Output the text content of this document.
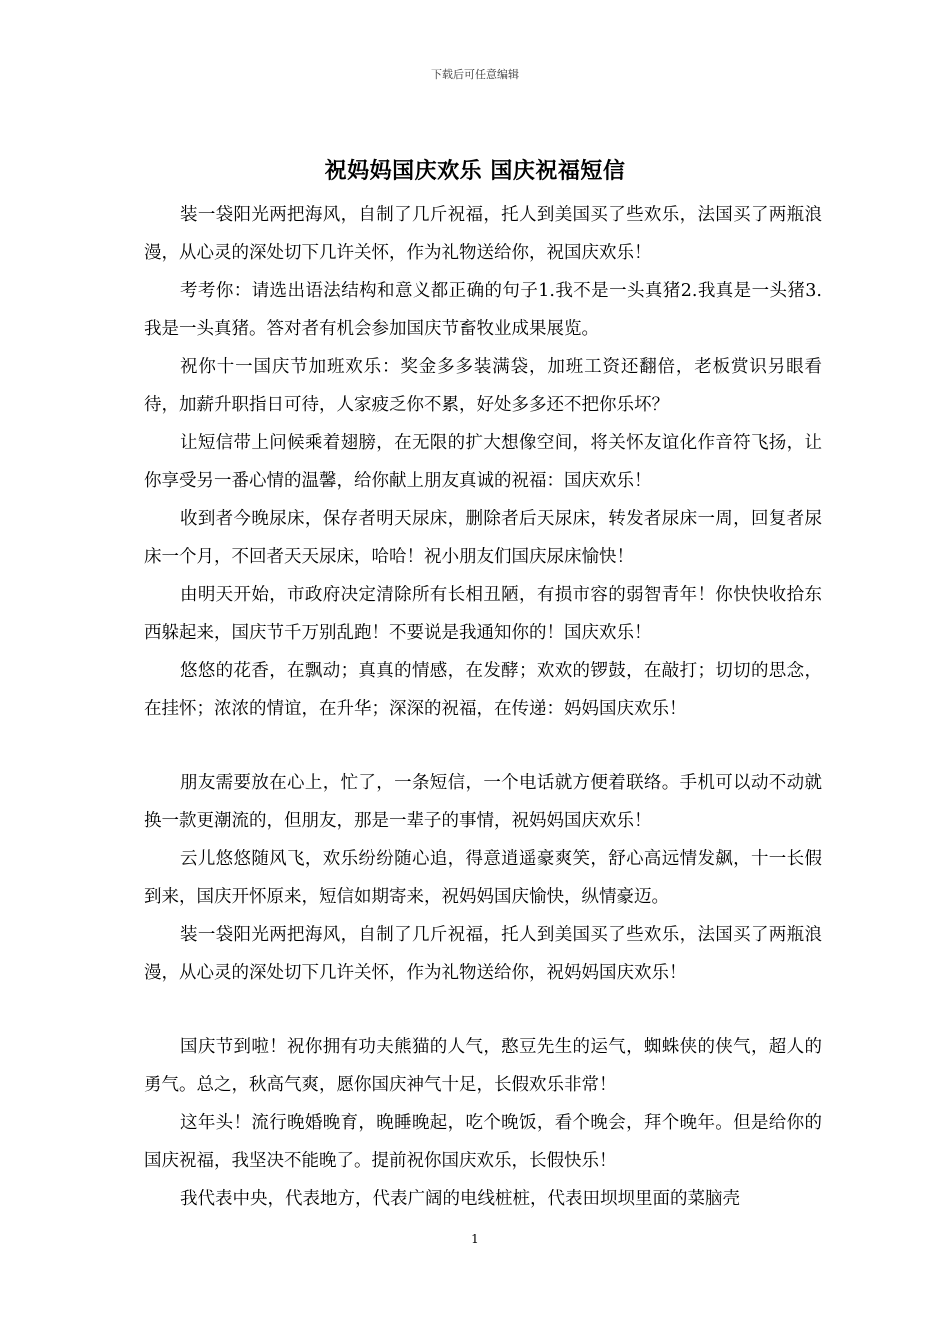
下载后可任意编辑
祝妈妈国庆欢乐 国庆祝福短信

装一袋阳光两把海风，自制了几斤祝福，托人到美国买了些欢乐，法国买了两瓶浪漫，从心灵的深处切下几许关怀，作为礼物送给你，祝国庆欢乐！

考考你：请选出语法结构和意义都正确的句子1.我不是一头真猪2.我真是一头猪3.我是一头真猪。答对者有机会参加国庆节畜牧业成果展览。

祝你十一国庆节加班欢乐：奖金多多装满袋，加班工资还翻倍，老板赏识另眼看待，加薪升职指日可待，人家疲乏你不累，好处多多还不把你乐坏？

让短信带上问候乘着翅膀，在无限的扩大想像空间，将关怀友谊化作音符飞扬，让你享受另一番心情的温馨，给你献上朋友真诚的祝福：国庆欢乐！

收到者今晚尿床，保存者明天尿床，删除者后天尿床，转发者尿床一周，回复者尿床一个月，不回者天天尿床，哈哈！祝小朋友们国庆尿床愉快！

由明天开始，市政府决定清除所有长相丑陋，有损市容的弱智青年！你快快收拾东西躲起来，国庆节千万别乱跑！不要说是我通知你的！国庆欢乐！

悠悠的花香，在飘动；真真的情感，在发酵；欢欢的锣鼓，在敲打；切切的思念，在挂怀；浓浓的情谊，在升华；深深的祝福，在传递：妈妈国庆欢乐！

朋友需要放在心上，忙了，一条短信，一个电话就方便着联络。手机可以动不动就换一款更潮流的，但朋友，那是一辈子的事情，祝妈妈国庆欢乐！

云儿悠悠随风飞，欢乐纷纷随心追，得意逍遥豪爽笑，舒心高远情发飙，十一长假到来，国庆开怀原来，短信如期寄来，祝妈妈国庆愉快，纵情豪迈。

装一袋阳光两把海风，自制了几斤祝福，托人到美国买了些欢乐，法国买了两瓶浪漫，从心灵的深处切下几许关怀，作为礼物送给你，祝妈妈国庆欢乐！

国庆节到啦！祝你拥有功夫熊猫的人气，憨豆先生的运气，蜘蛛侠的侠气，超人的勇气。总之，秋高气爽，愿你国庆神气十足，长假欢乐非常！

这年头！流行晚婚晚育，晚睡晚起，吃个晚饭，看个晚会，拜个晚年。但是给你的国庆祝福，我坚决不能晚了。提前祝你国庆欢乐，长假快乐！

我代表中央，代表地方，代表广阔的电线桩桩，代表田坝坝里面的菜脑壳

1
